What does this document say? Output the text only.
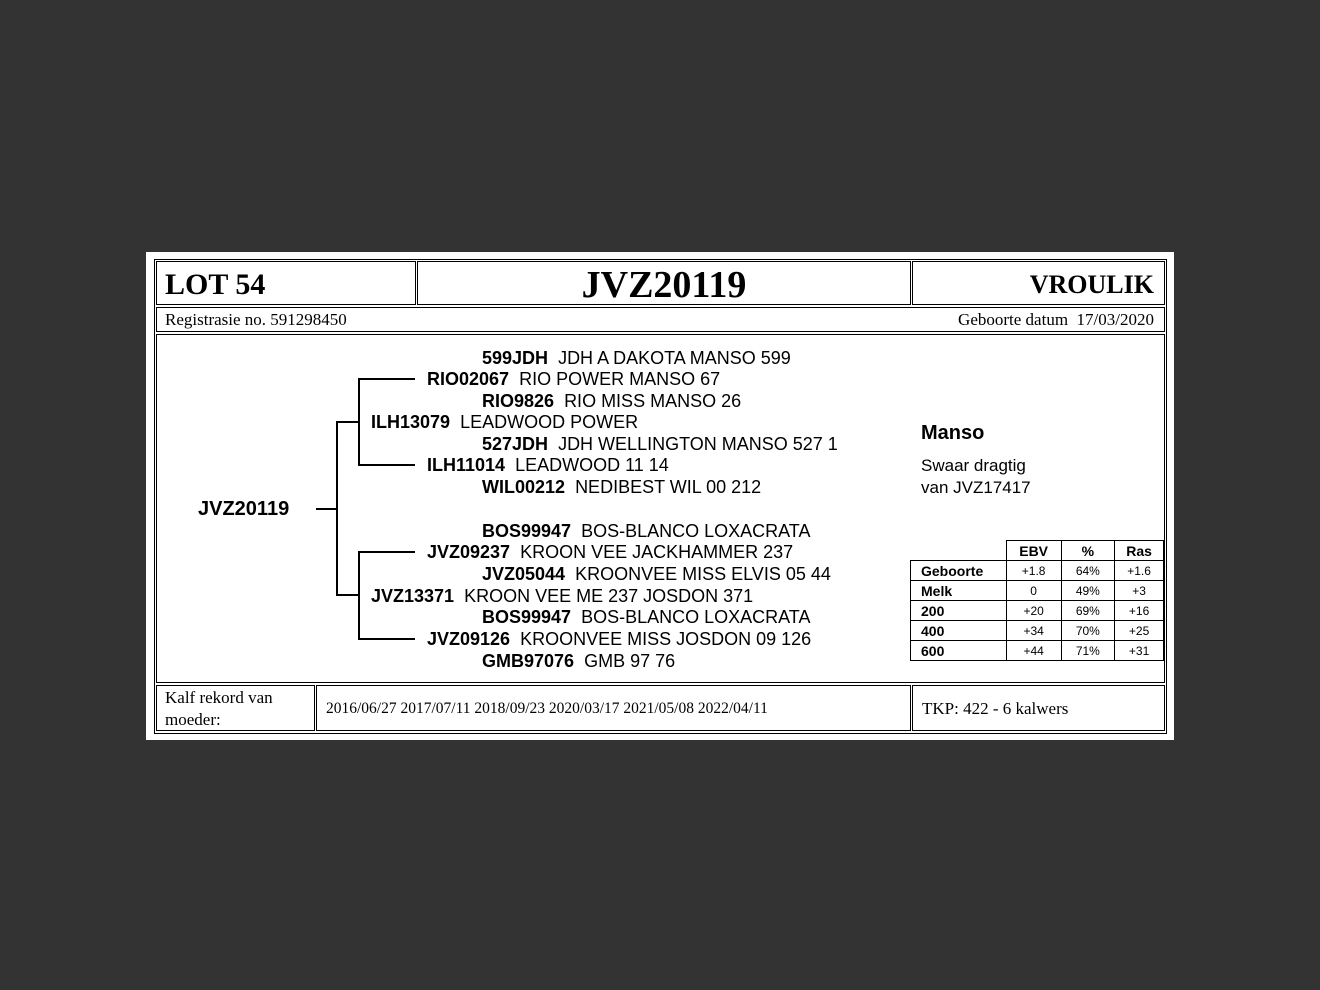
LOT 54	JVZ20119	VROULIK
Registrasie no. 591298450	Geboorte datum 17/03/2020
JVZ20119
599JDH JDH A DAKOTA MANSO 599
RIO02067 RIO POWER MANSO 67
RIO9826 RIO MISS MANSO 26
ILH13079 LEADWOOD POWER
527JDH JDH WELLINGTON MANSO 527 1
ILH11014 LEADWOOD 11 14
WIL00212 NEDIBEST WIL 00 212
BOS99947 BOS-BLANCO LOXACRATA
JVZ09237 KROON VEE JACKHAMMER 237
JVZ05044 KROONVEE MISS ELVIS 05 44
JVZ13371 KROON VEE ME 237 JOSDON 371
BOS99947 BOS-BLANCO LOXACRATA
JVZ09126 KROONVEE MISS JOSDON 09 126
GMB97076 GMB 97 76
Manso
Swaar dragtig
van JVZ17417
	EBV	%	Ras
Geboorte	+1.8	64%	+1.6
Melk	0	49%	+3
200	+20	69%	+16
400	+34	70%	+25
600	+44	71%	+31
Kalf rekord van
moeder:
2016/06/27 2017/07/11 2018/09/23 2020/03/17 2021/05/08 2022/04/11	TKP: 422 - 6 kalwers
